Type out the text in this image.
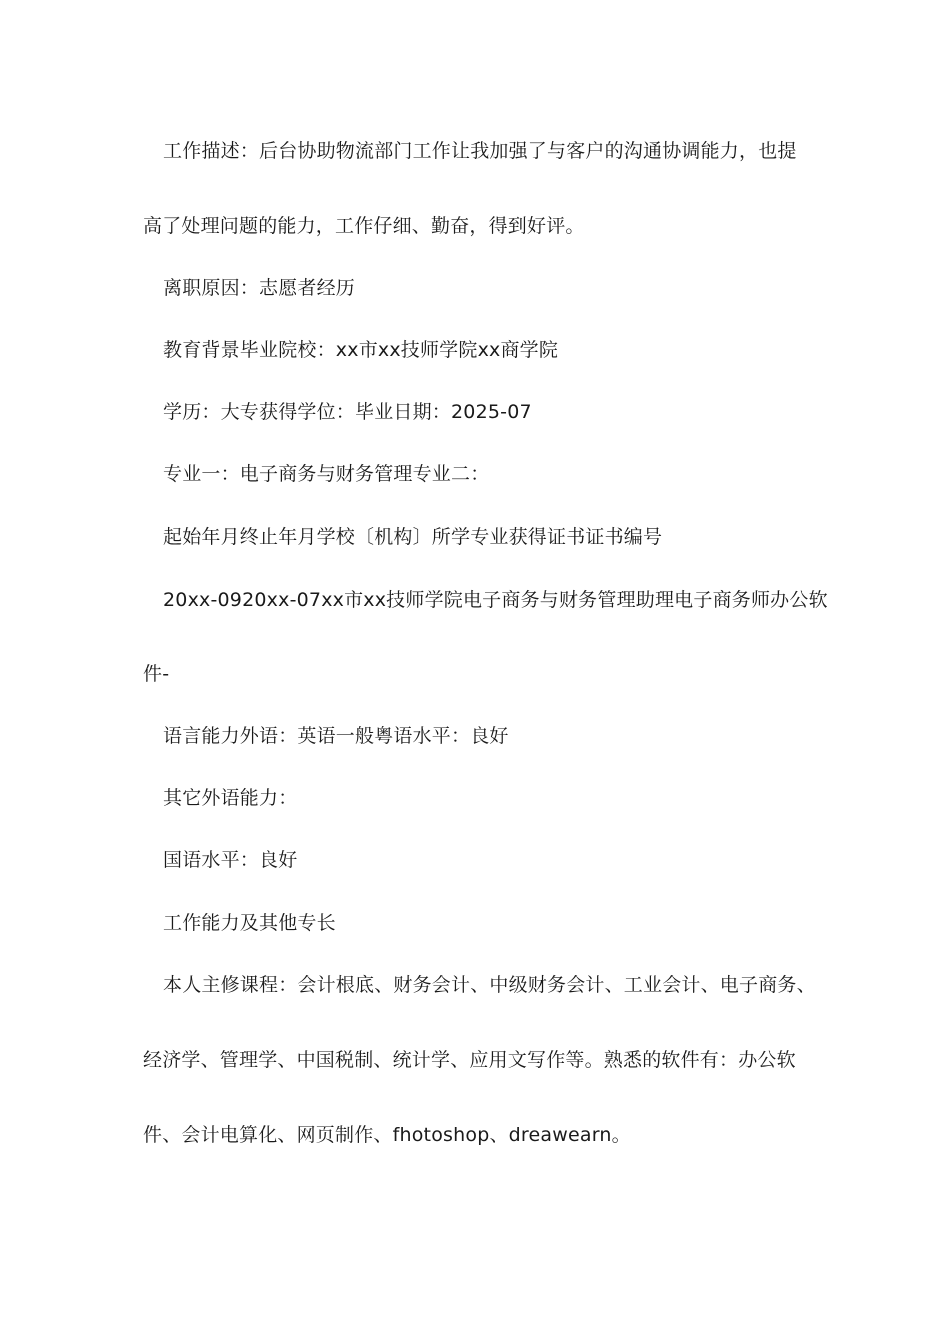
工作描述：后台协助物流部门工作让我加强了与客户的沟通协调能力，也提
高了处理问题的能力，工作仔细、勤奋，得到好评。
离职原因：志愿者经历
教育背景毕业院校：xx市xx技师学院xx商学院
学历：大专获得学位：毕业日期：2025-07
专业一：电子商务与财务管理专业二：
起始年月终止年月学校〔机构〕所学专业获得证书证书编号
20xx-0920xx-07xx市xx技师学院电子商务与财务管理助理电子商务师办公软
件-
语言能力外语：英语一般粤语水平：良好
其它外语能力：
国语水平：良好
工作能力及其他专长
本人主修课程：会计根底、财务会计、中级财务会计、工业会计、电子商务、
经济学、管理学、中国税制、统计学、应用文写作等。熟悉的软件有：办公软
件、会计电算化、网页制作、fhotoshop、dreawearn。
